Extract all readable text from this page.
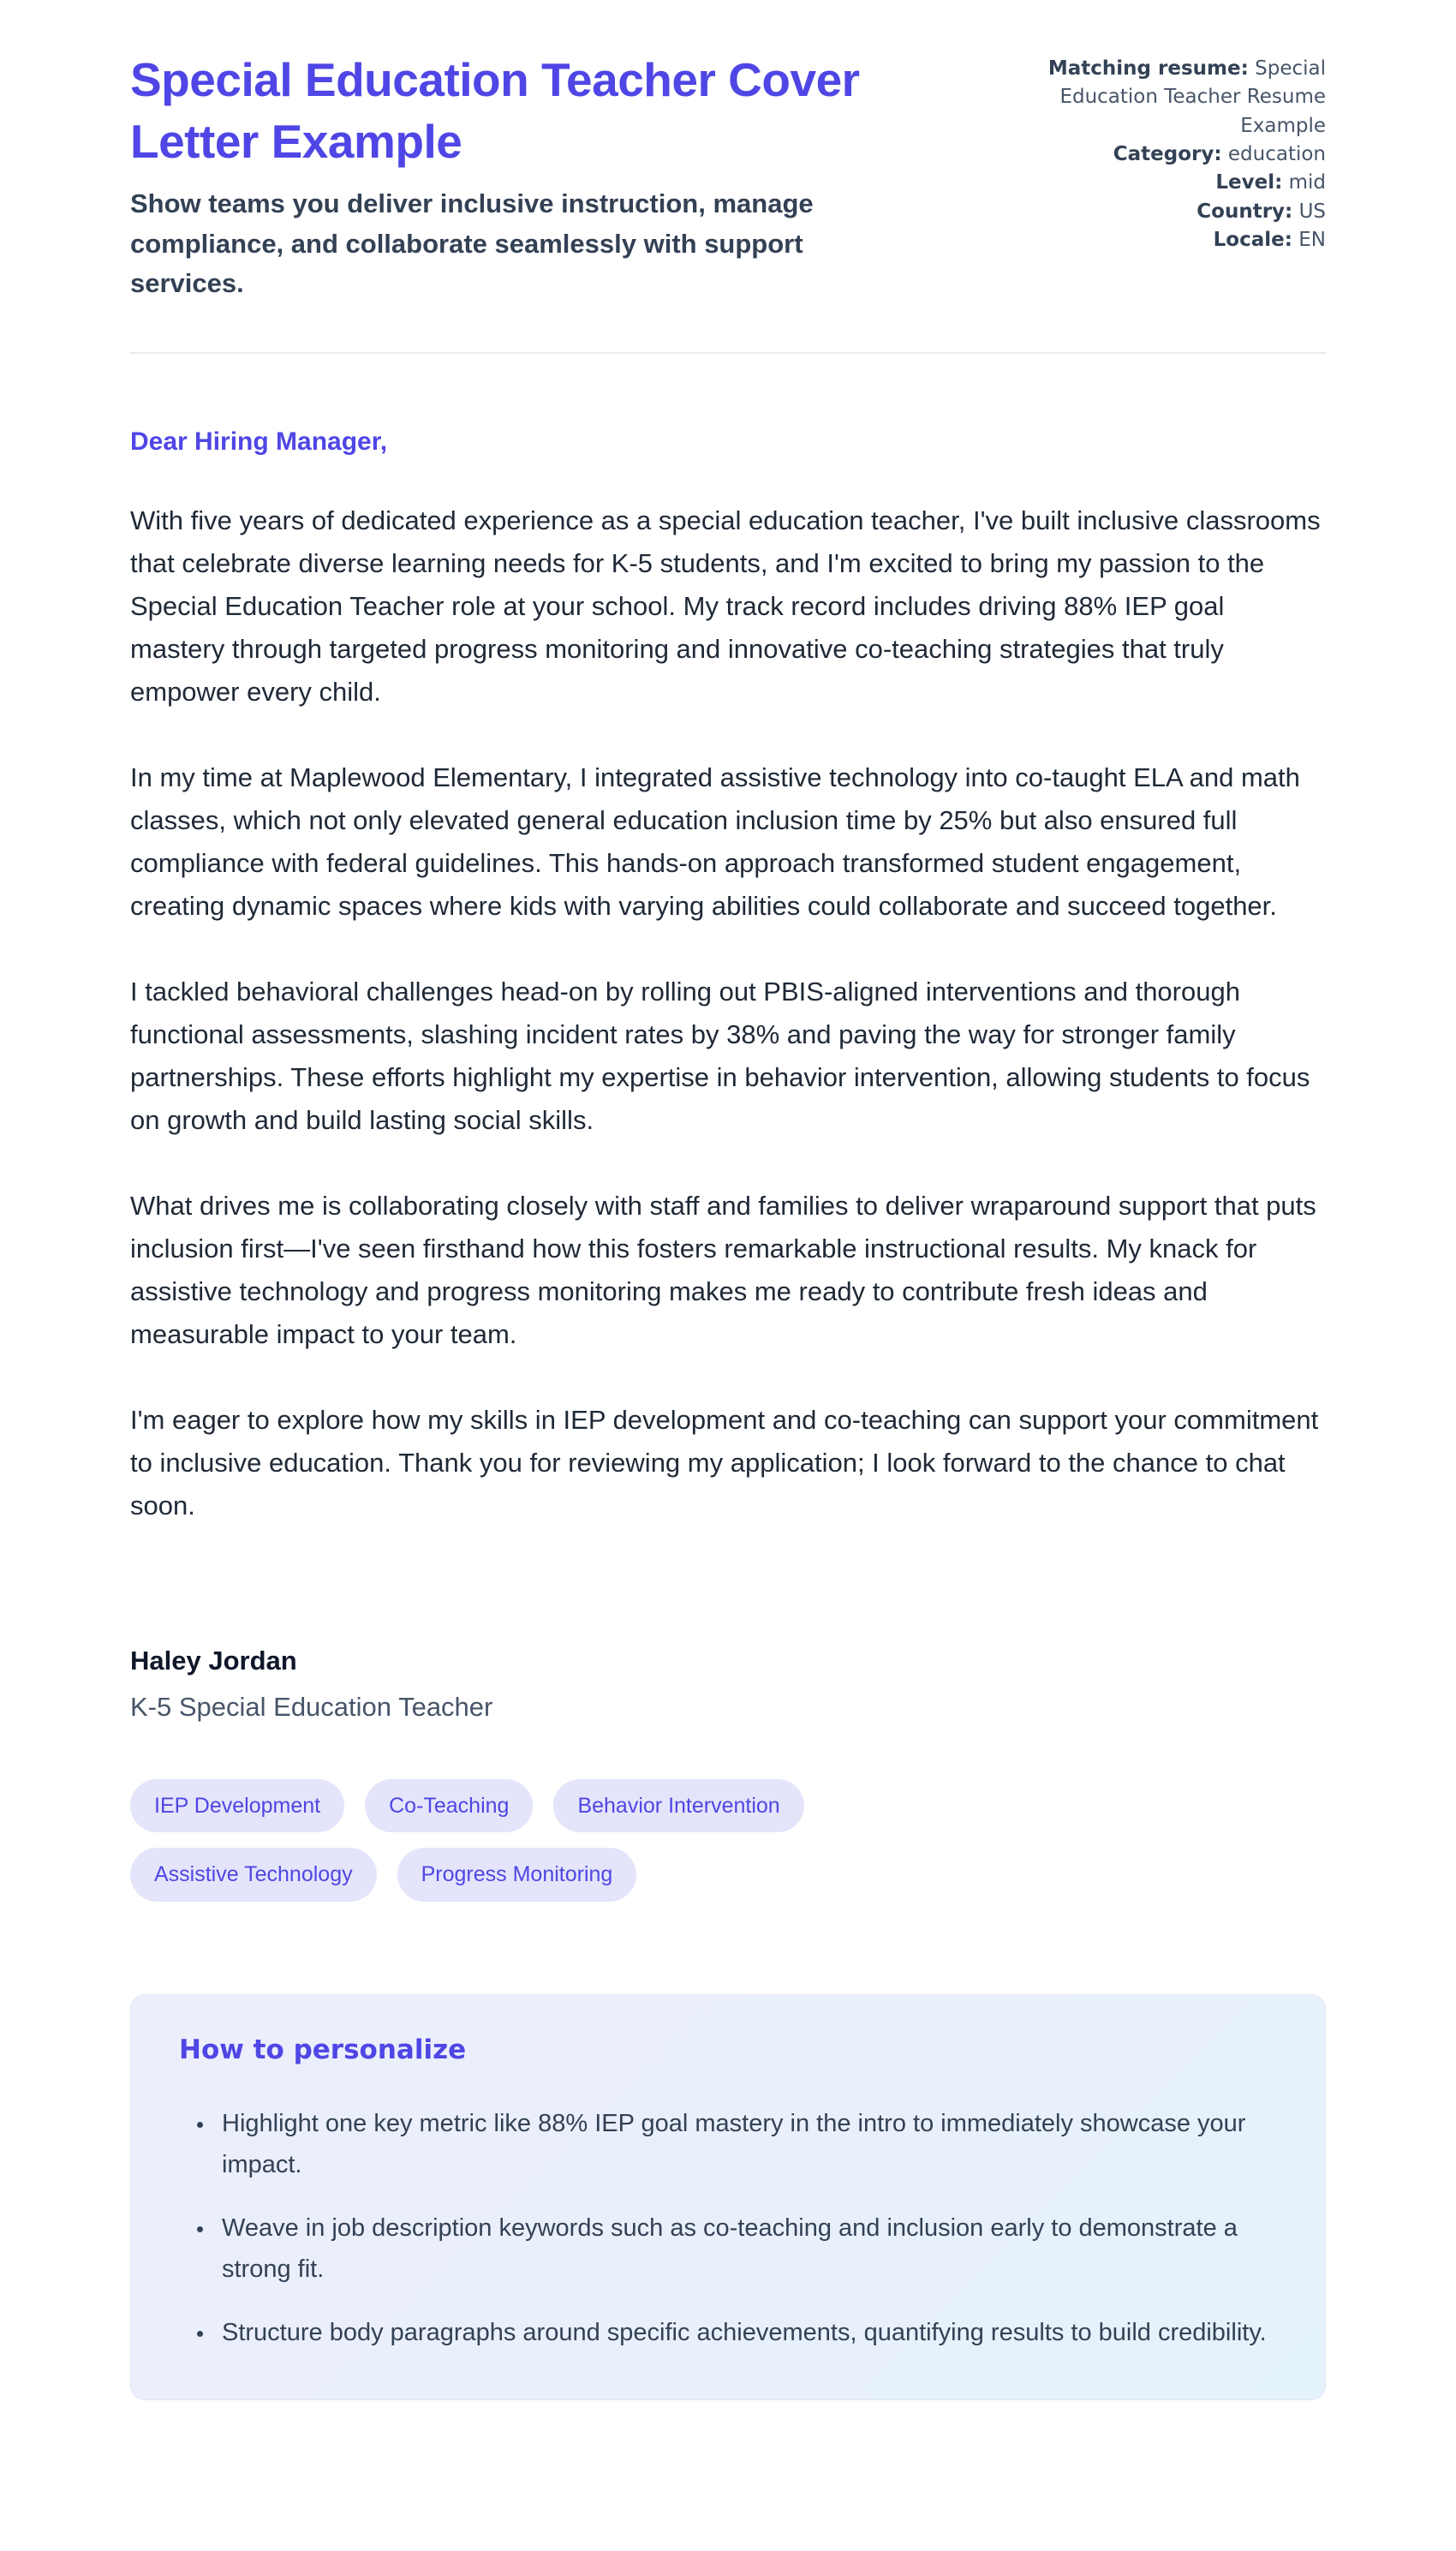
Special Education Teacher Cover Letter Example

Show teams you deliver inclusive instruction, manage compliance, and collaborate seamlessly with support services.

Matching resume: Special Education Teacher Resume Example
Category: education
Level: mid
Country: US
Locale: EN

Dear Hiring Manager,

With five years of dedicated experience as a special education teacher, I've built inclusive classrooms that celebrate diverse learning needs for K-5 students, and I'm excited to bring my passion to the Special Education Teacher role at your school. My track record includes driving 88% IEP goal mastery through targeted progress monitoring and innovative co-teaching strategies that truly empower every child.

In my time at Maplewood Elementary, I integrated assistive technology into co-taught ELA and math classes, which not only elevated general education inclusion time by 25% but also ensured full compliance with federal guidelines. This hands-on approach transformed student engagement, creating dynamic spaces where kids with varying abilities could collaborate and succeed together.

I tackled behavioral challenges head-on by rolling out PBIS-aligned interventions and thorough functional assessments, slashing incident rates by 38% and paving the way for stronger family partnerships. These efforts highlight my expertise in behavior intervention, allowing students to focus on growth and build lasting social skills.

What drives me is collaborating closely with staff and families to deliver wraparound support that puts inclusion first—I've seen firsthand how this fosters remarkable instructional results. My knack for assistive technology and progress monitoring makes me ready to contribute fresh ideas and measurable impact to your team.

I'm eager to explore how my skills in IEP development and co-teaching can support your commitment to inclusive education. Thank you for reviewing my application; I look forward to the chance to chat soon.

Haley Jordan

K-5 Special Education Teacher

IEP Development	Co-Teaching	Behavior Intervention
Assistive Technology	Progress Monitoring
How to personalize
• Highlight one key metric like 88% IEP goal mastery in the intro to immediately showcase your impact.
• Weave in job description keywords such as co-teaching and inclusion early to demonstrate a strong fit.
• Structure body paragraphs around specific achievements, quantifying results to build credibility.
